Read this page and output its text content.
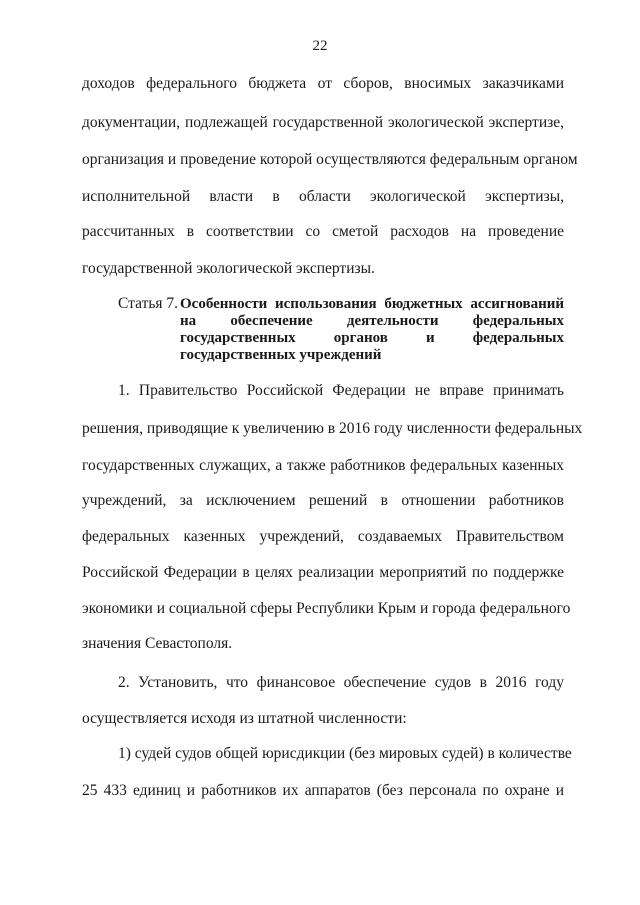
22
доходов федерального бюджета от сборов, вносимых заказчиками
документации, подлежащей государственной экологической экспертизе,
организация и проведение которой осуществляются федеральным органом
исполнительной власти в области экологической экспертизы,
рассчитанных в соответствии со сметой расходов на проведение
государственной экологической экспертизы.
Статья 7. Особенности использования бюджетных ассигнований
на обеспечение деятельности федеральных
государственных органов и федеральных
государственных учреждений
1. Правительство Российской Федерации не вправе принимать
решения, приводящие к увеличению в 2016 году численности федеральных
государственных служащих, а также работников федеральных казенных
учреждений, за исключением решений в отношении работников
федеральных казенных учреждений, создаваемых Правительством
Российской Федерации в целях реализации мероприятий по поддержке
экономики и социальной сферы Республики Крым и города федерального
значения Севастополя.
2. Установить, что финансовое обеспечение судов в 2016 году
осуществляется исходя из штатной численности:
1) судей судов общей юрисдикции (без мировых судей) в количестве
25 433 единиц и работников их аппаратов (без персонала по охране и
